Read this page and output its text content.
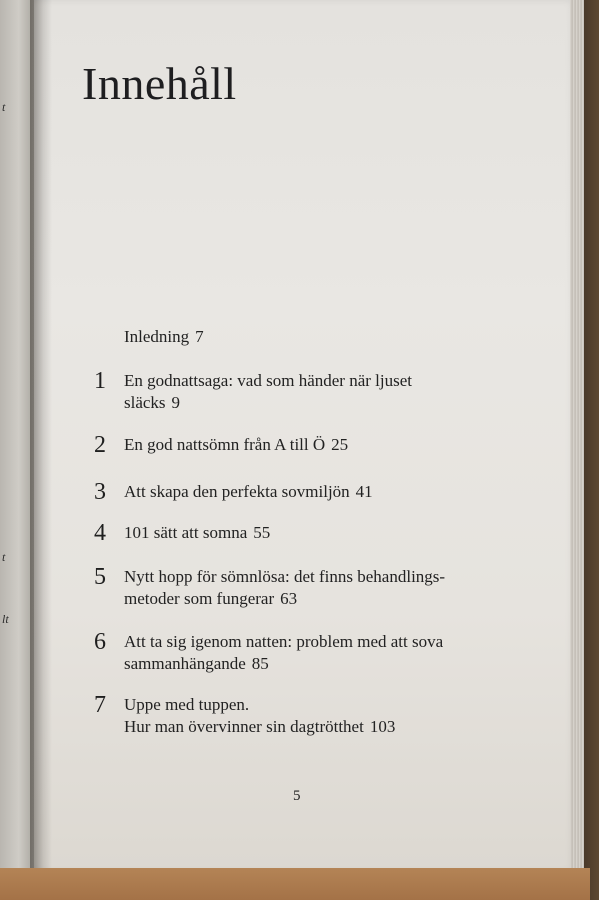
t
t
lt
Innehåll
Inledning 7
1	En godnattsaga: vad som händer när ljuset
släcks 9
2	En god nattsömn från A till Ö 25
3	Att skapa den perfekta sovmiljön 41
4	101 sätt att somna 55
5	Nytt hopp för sömnlösa: det finns behandlings-
metoder som fungerar 63
6	Att ta sig igenom natten: problem med att sova
sammanhängande 85
7	Uppe med tuppen.
Hur man övervinner sin dagtrötthet 103
5
